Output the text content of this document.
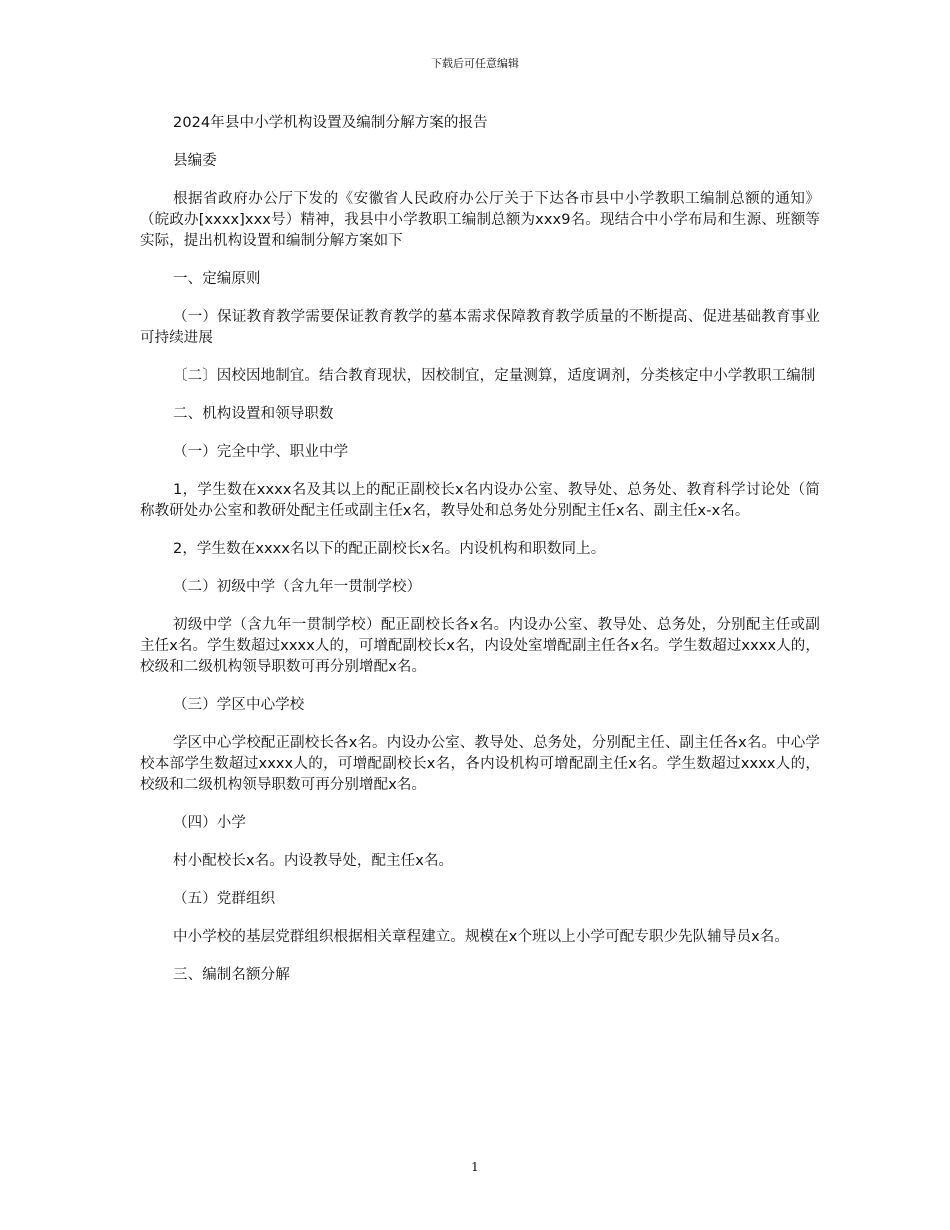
下载后可任意编辑

2024年县中小学机构设置及编制分解方案的报告

县编委

根据省政府办公厅下发的《安徽省人民政府办公厅关于下达各市县中小学教职工编制总额的通知》（皖政办[xxxx]xxx号）精神，我县中小学教职工编制总额为xxx9名。现结合中小学布局和生源、班额等实际，提出机构设置和编制分解方案如下

一、定编原则

（一）保证教育教学需要保证教育教学的墓本需求保障教育教学质量的不断提高、促进基础教育事业可持续进展

〔二〕因校因地制宜。结合教育现状，因校制宜，定量测算，适度调剂，分类核定中小学教职工编制

二、机构设置和领导职数

（一）完全中学、职业中学

1，学生数在xxxx名及其以上的配正副校长x名内设办公室、教导处、总务处、教育科学讨论处（简称教研处办公室和教研处配主任或副主任x名，教导处和总务处分别配主任x名、副主任x-x名。

2，学生数在xxxx名以下的配正副校长x名。内设机构和职数同上。

（二）初级中学（含九年一贯制学校）

初级中学（含九年一贯制学校）配正副校长各x名。内设办公室、教导处、总务处，分别配主任或副主任x名。学生数超过xxxx人的，可增配副校长x名，内设处室增配副主任各x名。学生数超过xxxx人的，校级和二级机构领导职数可再分别增配x名。

（三）学区中心学校

学区中心学校配正副校长各x名。内设办公室、教导处、总务处，分别配主任、副主任各x名。中心学校本部学生数超过xxxx人的，可增配副校长x名，各内设机构可增配副主任x名。学生数超过xxxx人的，校级和二级机构领导职数可再分别增配x名。

（四）小学

村小配校长x名。内设教导处，配主任x名。

（五）党群组织

中小学校的基层党群组织根据相关章程建立。规模在x个班以上小学可配专职少先队辅导员x名。

三、编制名额分解

1
